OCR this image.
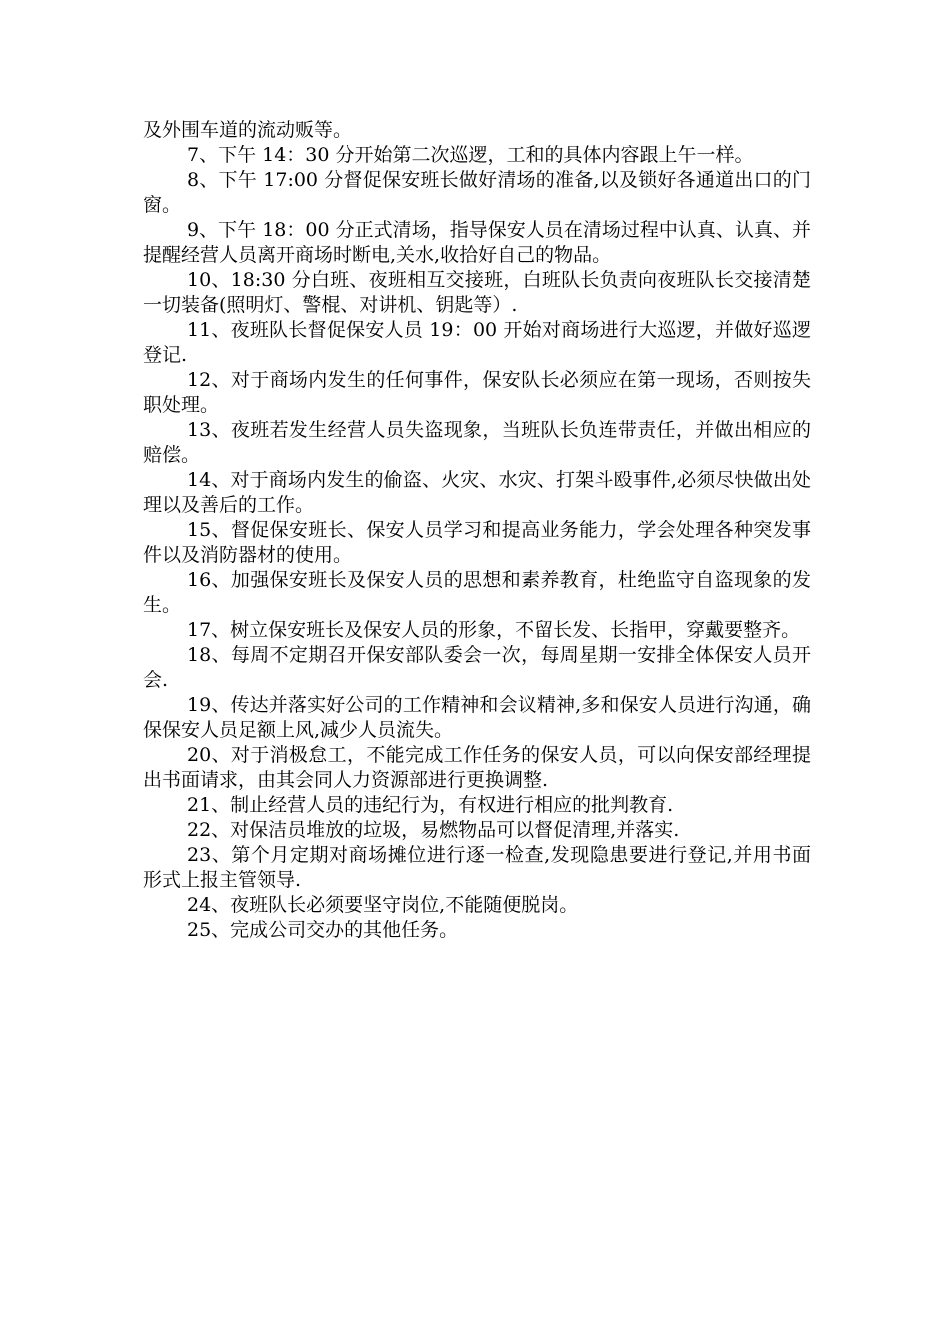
及外围车道的流动贩等。

7、下午 14：30 分开始第二次巡逻，工和的具体内容跟上午一样。

8、下午 17:00 分督促保安班长做好清场的准备,以及锁好各通道出口的门窗。

9、下午 18：00 分正式清场，指导保安人员在清场过程中认真、认真、并提醒经营人员离开商场时断电,关水,收拾好自己的物品。

10、18:30 分白班、夜班相互交接班，白班队长负责向夜班队长交接清楚一切装备(照明灯、警棍、对讲机、钥匙等）.

11、夜班队长督促保安人员 19：00 开始对商场进行大巡逻，并做好巡逻登记.

12、对于商场内发生的任何事件，保安队长必须应在第一现场，否则按失职处理。

13、夜班若发生经营人员失盗现象，当班队长负连带责任，并做出相应的赔偿。

14、对于商场内发生的偷盗、火灾、水灾、打架斗殴事件,必须尽快做出处理以及善后的工作。

15、督促保安班长、保安人员学习和提高业务能力，学会处理各种突发事件以及消防器材的使用。

16、加强保安班长及保安人员的思想和素养教育，杜绝监守自盗现象的发生。

17、树立保安班长及保安人员的形象，不留长发、长指甲，穿戴要整齐。

18、每周不定期召开保安部队委会一次，每周星期一安排全体保安人员开会.

19、传达并落实好公司的工作精神和会议精神,多和保安人员进行沟通，确保保安人员足额上风,减少人员流失。

20、对于消极怠工，不能完成工作任务的保安人员，可以向保安部经理提出书面请求，由其会同人力资源部进行更换调整.

21、制止经营人员的违纪行为，有权进行相应的批判教育.

22、对保洁员堆放的垃圾，易燃物品可以督促清理,并落实.

23、第个月定期对商场摊位进行逐一检查,发现隐患要进行登记,并用书面形式上报主管领导.

24、夜班队长必须要坚守岗位,不能随便脱岗。

25、完成公司交办的其他任务。
